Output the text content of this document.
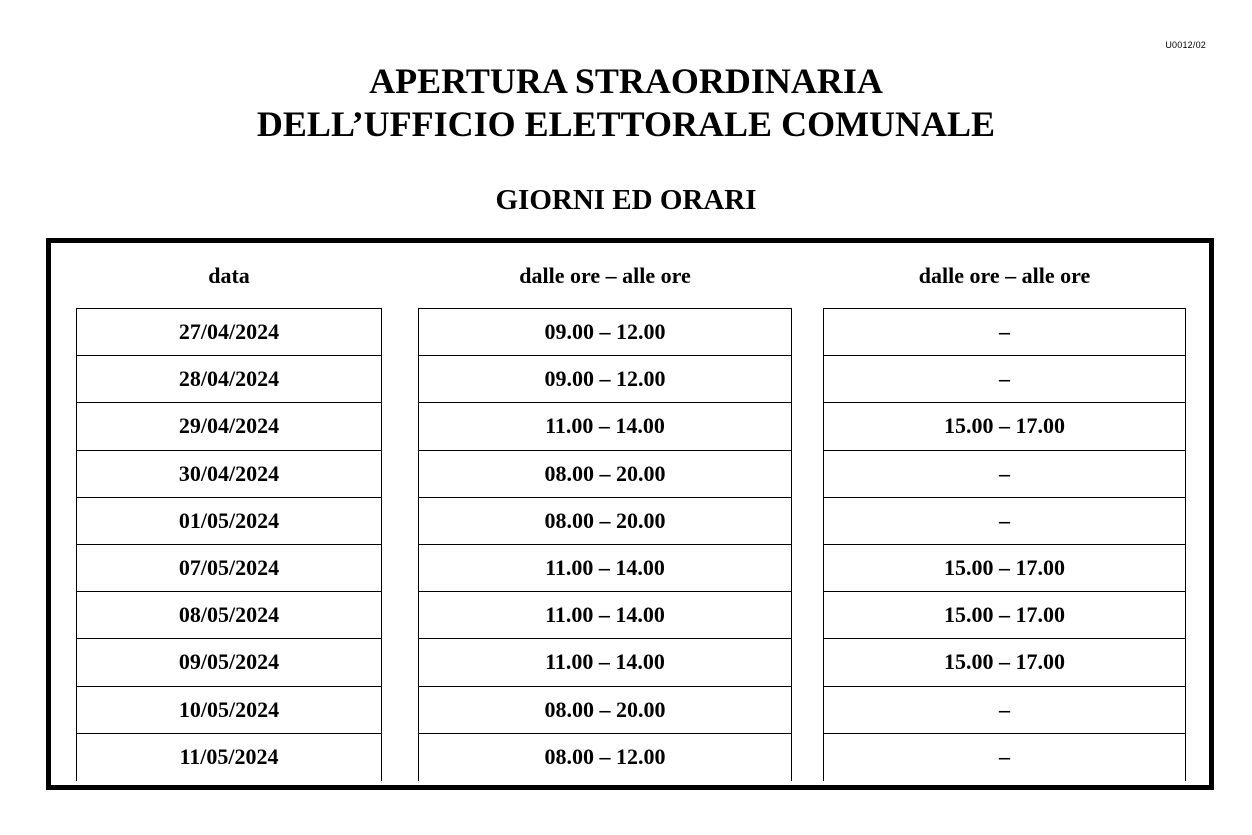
U0012/02
APERTURA STRAORDINARIA
DELL’UFFICIO ELETTORALE COMUNALE
GIORNI ED ORARI
data	dalle ore – alle ore	dalle ore – alle ore
27/04/2024
28/04/2024
29/04/2024
30/04/2024
01/05/2024
07/05/2024
08/05/2024
09/05/2024
10/05/2024
11/05/2024
09.00 – 12.00
09.00 – 12.00
11.00 – 14.00
08.00 – 20.00
08.00 – 20.00
11.00 – 14.00
11.00 – 14.00
11.00 – 14.00
08.00 – 20.00
08.00 – 12.00
–
–
15.00 – 17.00
–
–
15.00 – 17.00
15.00 – 17.00
15.00 – 17.00
–
–
